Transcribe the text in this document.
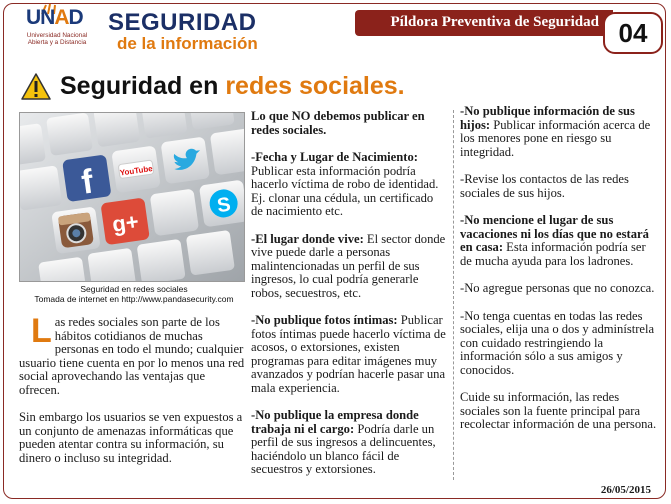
UNAD
Universidad Nacional
Abierta y a Distancia
SEGURIDAD
de la información
Píldora Preventiva de Seguridad 04
Seguridad en redes sociales.
f	YouTube
g+
S
Seguridad en redes sociales
Tomada de internet en http://www.pandasecurity.com

Las redes sociales son parte de los hábitos cotidianos de muchas personas en todo el mundo; cualquier usuario tiene cuenta en por lo menos una red social aprovechando las ventajas que ofrecen.

Sin embargo los usuarios se ven expuestos a un conjunto de amenazas informáticas que pueden atentar contra su información, su dinero o incluso su integridad.

Lo que NO debemos publicar en redes sociales.

-Fecha y Lugar de Nacimiento: Publicar esta información podría hacerlo víctima de robo de identidad. Ej. clonar una cédula, un certificado de nacimiento etc.

-El lugar donde vive: El sector donde vive puede darle a personas malintencionadas un perfil de sus ingresos, lo cual podría generarle robos, secuestros, etc.

-No publique fotos íntimas: Publicar fotos íntimas puede hacerlo víctima de acosos, o extorsiones, existen programas para editar imágenes muy avanzados y podrían hacerle pasar una mala experiencia.

-No publique la empresa donde trabaja ni el cargo: Podría darle un perfil de sus ingresos a delincuentes, haciéndolo un blanco fácil de secuestros y extorsiones.

-No publique información de sus hijos: Publicar información acerca de los menores pone en riesgo su integridad.

-Revise los contactos de las redes sociales de sus hijos.

-No mencione el lugar de sus vacaciones ni los días que no estará en casa: Esta información podría ser de mucha ayuda para los ladrones.

-No agregue personas que no conozca.

-No tenga cuentas en todas las redes sociales, elija una o dos y adminístrela con cuidado restringiendo la información sólo a sus amigos y conocidos.

Cuide su información, las redes sociales son la fuente principal para recolectar información de una persona.

26/05/2015
